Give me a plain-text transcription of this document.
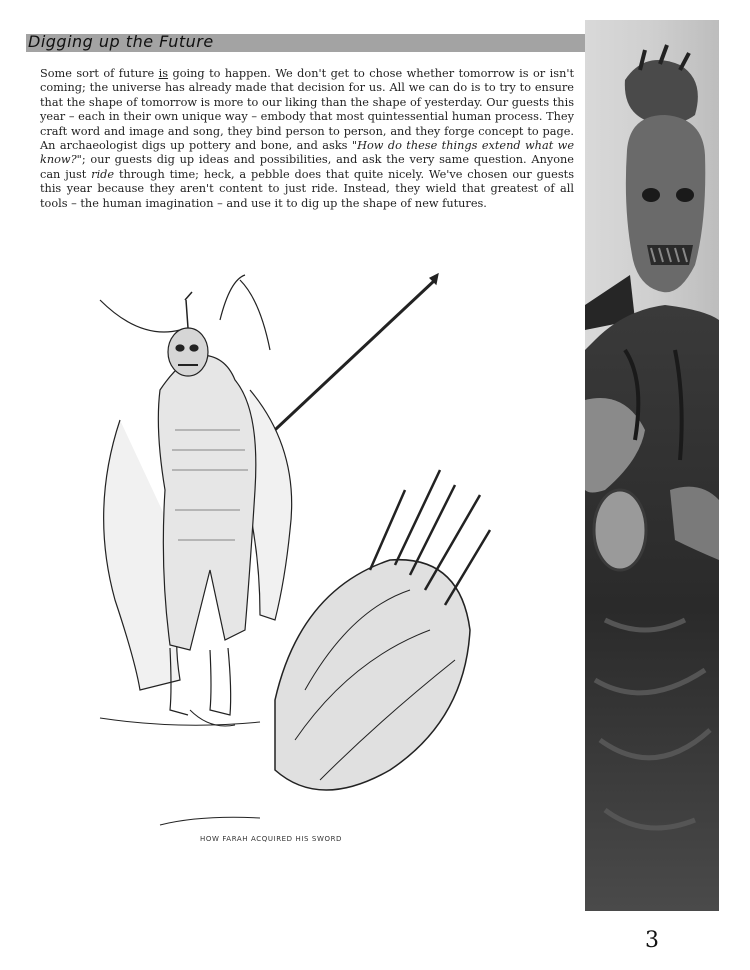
Digging up the Future

Some sort of future is going to happen. We don't get to chose whether tomorrow is or isn't coming; the universe has already made that decision for us. All we can do is to try to ensure that the shape of tomorrow is more to our liking than the shape of yesterday. Our guests this year – each in their own unique way – embody that most quintessential human process. They craft word and image and song, they bind person to person, and they forge concept to page. An archaeologist digs up pottery and bone, and asks "How do these things extend what we know?"; our guests dig up ideas and possibilities, and ask the very same question. Anyone can just ride through time; heck, a pebble does that quite nicely. We've chosen our guests this year because they aren't content to just ride. Instead, they wield that greatest of all tools – the human imagination – and use it to dig up the shape of new futures.

HOW FARAH ACQUIRED HIS SWORD
3
